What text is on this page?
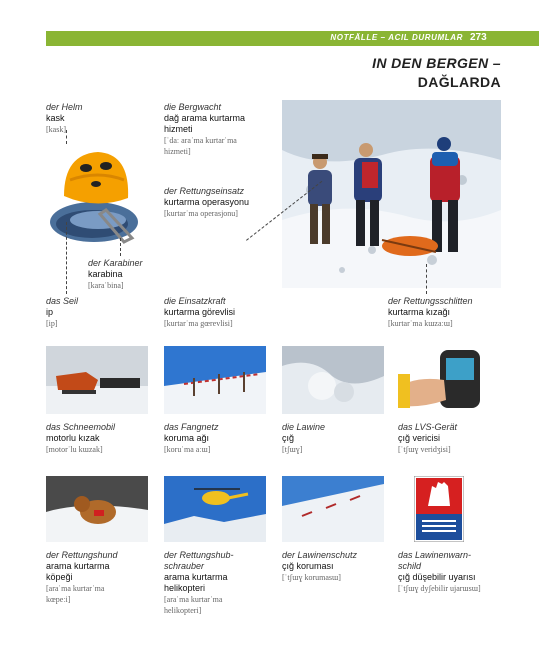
NOTFÄLLE – ACIL DURUMLAR 273
IN DEN BERGEN –
DAĞLARDA
der Helm
kask
[kask]
der Karabiner
karabina
[karaˈbina]
das Seil
ip
[ip]
die Bergwacht
dağ arama kurtarma
hizmeti
[ˈdaː araˈma kurtarˈma
hizmeti]
der Rettungseinsatz
kurtarma operasyonu
[kurtarˈma operasjonu]
die Einsatzkraft
kurtarma görevlisi
[kurtarˈma gœrevlisi]
der Rettungsschlitten
kurtarma kızağı
[kurtarˈma kɯzaːɯ]
das Schneemobil
motorlu kızak
[motorˈlu kɯzak]
das Fangnetz
koruma ağı
[koruˈma aːɯ]
die Lawine
çığ
[tʃɯɣ]
das LVS-Gerät
çığ vericisi
[ˈtʃɯɣ veridʒisi]
der Rettungshund
arama kurtarma
köpeği
[araˈma kurtarˈma
kœpeːi]
der Rettungshub-
schrauber
arama kurtarma
helikopteri
[araˈma kurtarˈma
helikopteri]
der Lawinenschutz
çığ koruması
[ˈtʃɯɣ korumasɯ]
das Lawinenwarn-
schild
çığ düşebilir uyarısı
[ˈtʃɯɣ dyʃebilir ujarɯsɯ]
